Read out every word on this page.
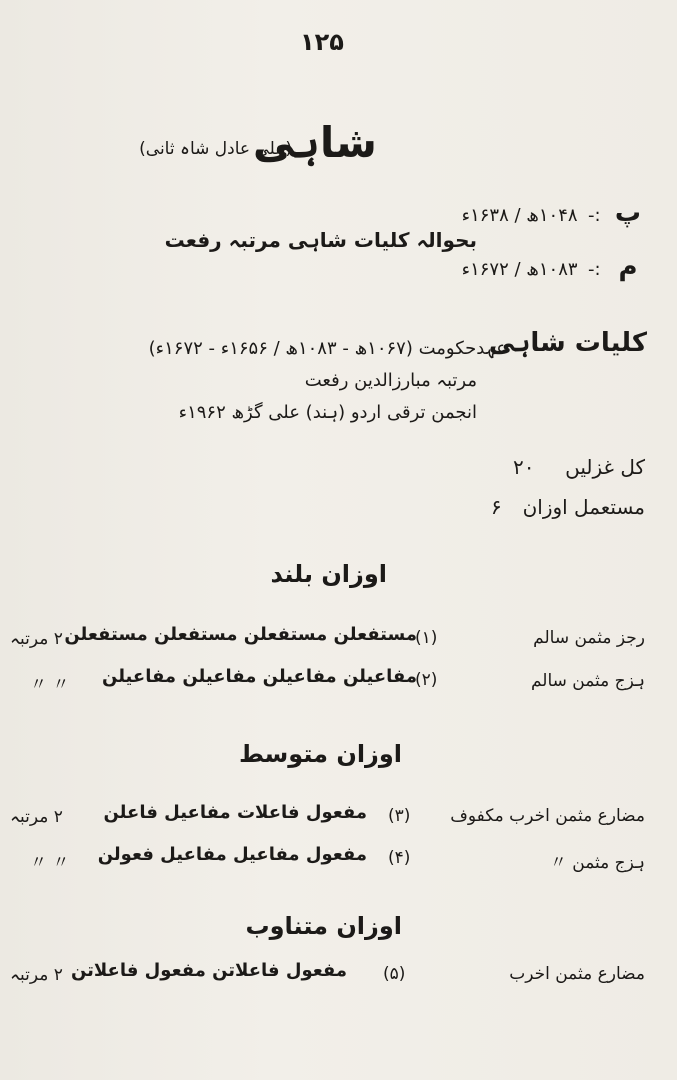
۱۲۵
شاہی
(علی عادل شاہ ثانی)
پ :- ۱۰۴۸ھ / ۱۶۳۸ء
بحوالہ کلیات شاہی مرتبہ رفعت
م :- ۱۰۸۳ھ / ۱۶۷۲ء
کلیات شاہی
عہدحکومت (۱۰۶۷ھ - ۱۰۸۳ھ / ۱۶۵۶ء - ۱۶۷۲ء)
مرتبہ مبارزالدین رفعت
انجمن ترقی اردو (ہند) علی گڑھ ۱۹۶۲ء
کل غزلیں ۲۰
مستعمل اوزان ۶
اوزان بلند
رجز مثمن سالم
(۱)
مستفعلن مستفعلن مستفعلن مستفعلن
۲ مرتبہ
ہزج مثمن سالم
(۲)
مفاعیلن مفاعیلن مفاعیلن مفاعیلن
〃 〃
اوزان متوسط
مضارع مثمن اخرب مکفوف
(۳)
مفعول فاعلات مفاعیل فاعلن
۲ مرتبہ
ہزج مثمن 〃
(۴)
مفعول مفاعیل مفاعیل فعولن
〃 〃
اوزان متناوب
مضارع مثمن اخرب
(۵)
مفعول فاعلاتن مفعول فاعلاتن
۲ مرتبہ
